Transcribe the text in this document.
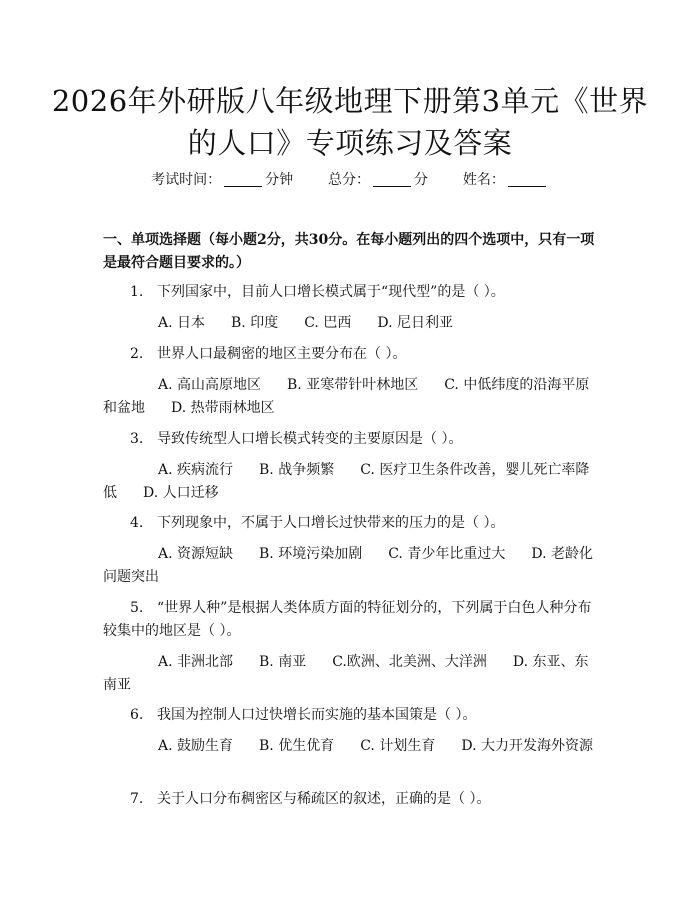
2026年外研版八年级地理下册第3单元《世界的人口》专项练习及答案
考试时间：	分钟 总分：	分 姓名：
一、单项选择题（每小题2分，共30分。在每小题列出的四个选项中，只有一项是最符合题目要求的。）
1. 下列国家中，目前人口增长模式属于“现代型”的是（ ）。
A. 日本 B. 印度 C. 巴西 D. 尼日利亚
2. 世界人口最稠密的地区主要分布在（ ）。
A. 高山高原地区 B. 亚寒带针叶林地区 C. 中低纬度的沿海平原和盆地 D. 热带雨林地区
3. 导致传统型人口增长模式转变的主要原因是（ ）。
A. 疾病流行 B. 战争频繁 C. 医疗卫生条件改善，婴儿死亡率降低 D. 人口迁移
4. 下列现象中，不属于人口增长过快带来的压力的是（ ）。
A. 资源短缺 B. 环境污染加剧 C. 青少年比重过大 D. 老龄化问题突出
5. “世界人种”是根据人类体质方面的特征划分的，下列属于白色人种分布较集中的地区是（ ）。
A. 非洲北部 B. 南亚 C.欧洲、北美洲、大洋洲 D. 东亚、东南亚
6. 我国为控制人口过快增长而实施的基本国策是（ ）。
A. 鼓励生育 B. 优生优育 C. 计划生育 D. 大力开发海外资源
7. 关于人口分布稠密区与稀疏区的叙述，正确的是（ ）。
